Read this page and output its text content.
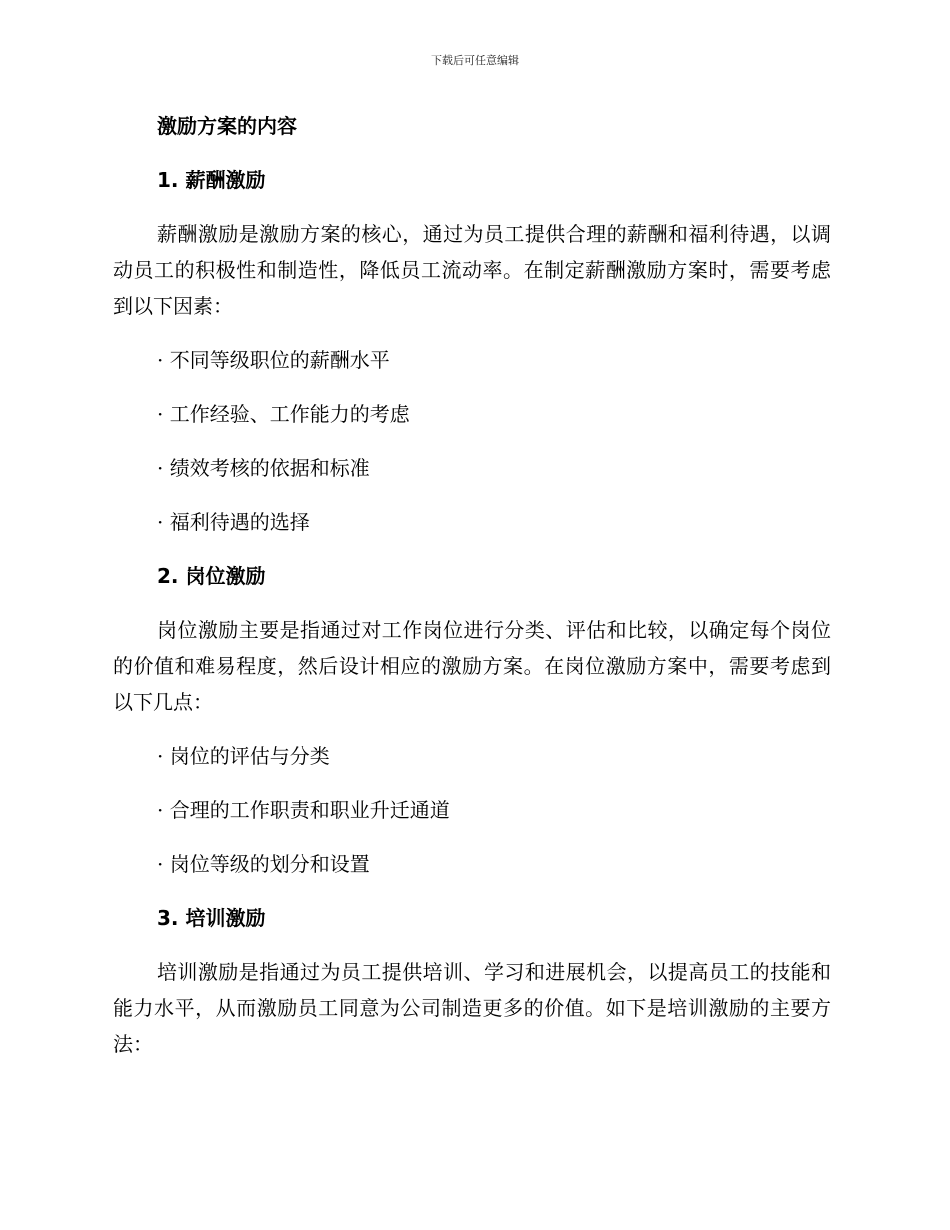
下载后可任意编辑
激励方案的内容
1. 薪酬激励

薪酬激励是激励方案的核心，通过为员工提供合理的薪酬和福利待遇，以调动员工的积极性和制造性，降低员工流动率。在制定薪酬激励方案时，需要考虑到以下因素：

· 不同等级职位的薪酬水平
· 工作经验、工作能力的考虑
· 绩效考核的依据和标准
· 福利待遇的选择
2. 岗位激励

岗位激励主要是指通过对工作岗位进行分类、评估和比较，以确定每个岗位的价值和难易程度，然后设计相应的激励方案。在岗位激励方案中，需要考虑到以下几点：

· 岗位的评估与分类
· 合理的工作职责和职业升迁通道
· 岗位等级的划分和设置
3. 培训激励

培训激励是指通过为员工提供培训、学习和进展机会，以提高员工的技能和能力水平，从而激励员工同意为公司制造更多的价值。如下是培训激励的主要方法：
